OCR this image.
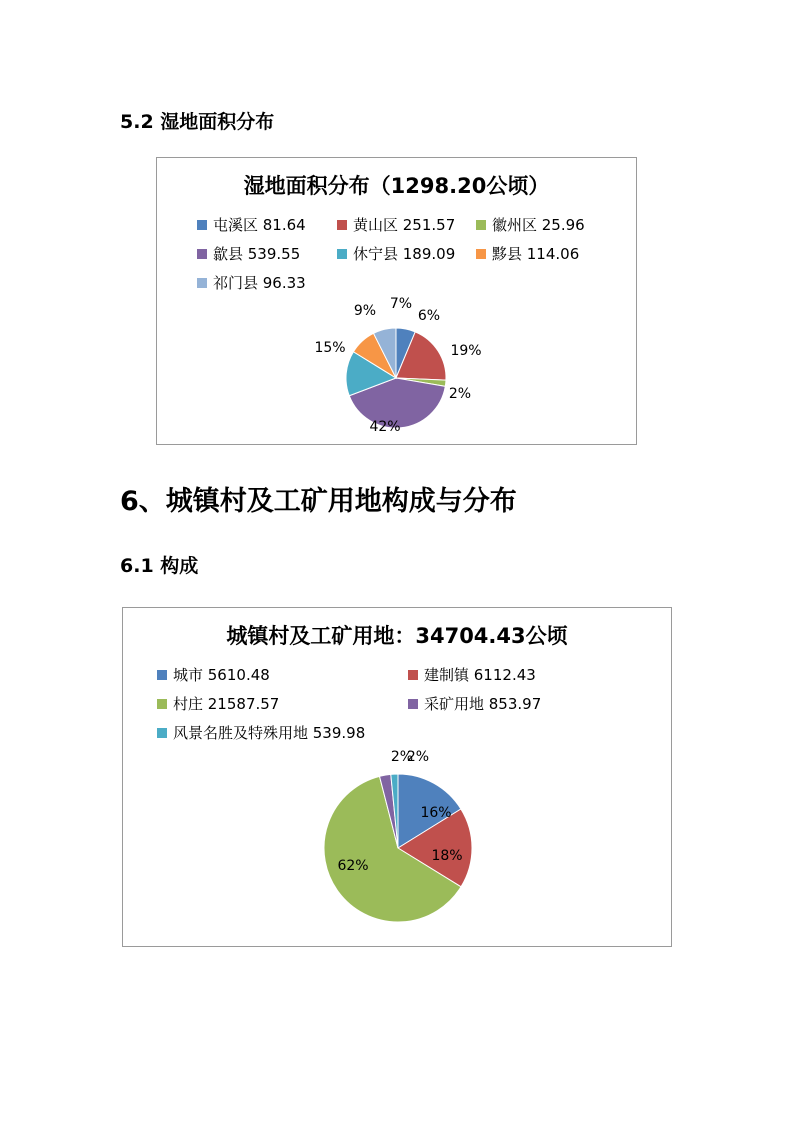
5.2 湿地面积分布
湿地面积分布（1298.20公顷）
屯溪区 81.64	黄山区 251.57 徽州区 25.96
歙县 539.55	休宁县 189.09 黟县 114.06
祁门县 96.33
6%
19%
2%
42%
15%
9% 7%
6、城镇村及工矿用地构成与分布
6.1 构成
城镇村及工矿用地：34704.43公顷
城市 5610.48	建制镇 6112.43
村庄 21587.57	采矿用地 853.97
风景名胜及特殊用地 539.98
16%
18%
62%
2%
2%
